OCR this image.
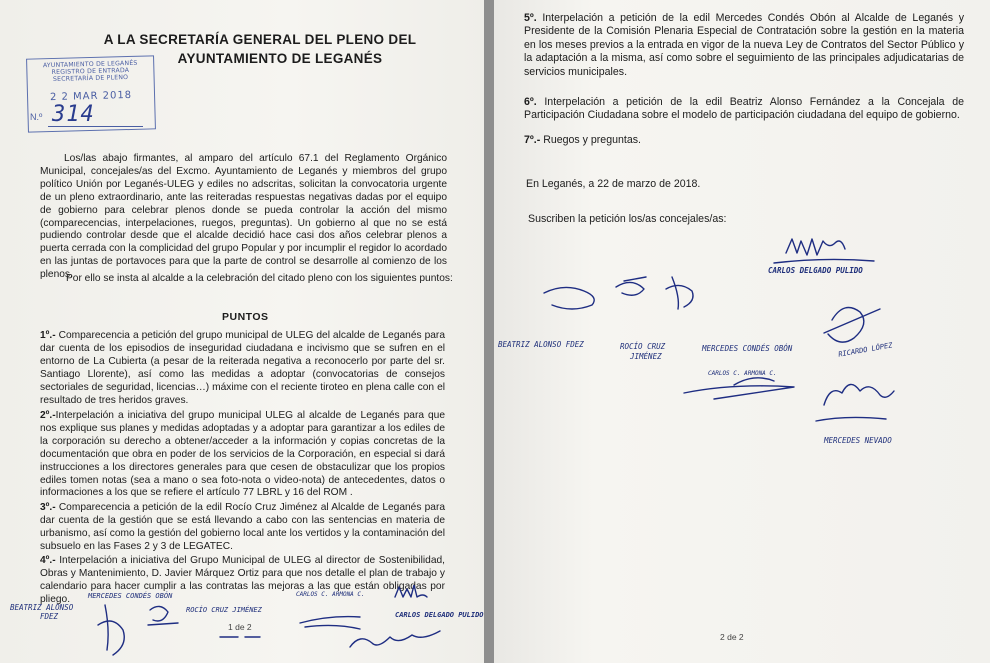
A LA SECRETARÍA GENERAL DEL PLENO DEL
AYUNTAMIENTO DE LEGANÉS
AYUNTAMIENTO DE LEGANÉS
REGISTRO DE ENTRADA
SECRETARÍA DE PLENO
2 2 MAR 2018
N.º 314

Los/las abajo firmantes, al amparo del artículo 67.1 del Reglamento Orgánico Municipal, concejales/as del Excmo. Ayuntamiento de Leganés y miembros del grupo político Unión por Leganés-ULEG y ediles no adscritas, solicitan la convocatoria urgente de un pleno extraordinario, ante las reiteradas respuestas negativas dadas por el equipo de gobierno para celebrar plenos donde se pueda controlar la acción del mismo (comparecencias, interpelaciones, ruegos, preguntas). Un gobierno al que no se está pudiendo controlar desde que el alcalde decidió hace casi dos años celebrar plenos a puerta cerrada con la complicidad del grupo Popular y por incumplir el regidor lo acordado en las juntas de portavoces para que la parte de control se desarrolle al comienzo de los plenos.

Por ello se insta al alcalde a la celebración del citado pleno con los siguientes puntos:
PUNTOS

1º.- Comparecencia a petición del grupo municipal de ULEG del alcalde de Leganés para dar cuenta de los episodios de inseguridad ciudadana e incivismo que se sufren en el entorno de La Cubierta (a pesar de la reiterada negativa a reconocerlo por parte del sr. Santiago Llorente), así como las medidas a adoptar (convocatorias de consejos sectoriales de seguridad, licencias…) máxime con el reciente tiroteo en plena calle con el resultado de tres heridos graves.

2º.-Interpelación a iniciativa del grupo municipal ULEG al alcalde de Leganés para que nos explique sus planes y medidas adoptadas y a adoptar para garantizar a los ediles de la corporación su derecho a obtener/acceder a la información y copias concretas de la documentación que obra en poder de los servicios de la Corporación, en especial si dará instrucciones a los directores generales para que cesen de obstaculizar que los propios ediles tomen notas (sea a mano o sea foto-nota o video-nota) de antecedentes, datos o informaciones a los que se refiere el artículo 77 LBRL y 16 del ROM .

3º.- Comparecencia a petición de la edil Rocío Cruz Jiménez al Alcalde de Leganés para dar cuenta de la gestión que se está llevando a cabo con las sentencias en materia de urbanismo, así como la gestión del gobierno local ante los vertidos y la contaminación del subsuelo en las Fases 2 y 3 de LEGATEC.

4º.- Interpelación a iniciativa del Grupo Municipal de ULEG al director de Sostenibilidad, Obras y Mantenimiento, D. Javier Márquez Ortiz para que nos detalle el plan de trabajo y calendario para hacer cumplir a las contratas las mejoras a las que están obligadas por pliego.

BEATRIZ ALONSO
FDEZ
MERCEDES CONDÉS OBÓN
ROCÍO CRUZ JIMÉNEZ
CARLOS C. ARMONA C.
CARLOS DELGADO PULIDO
1 de 2

5º. Interpelación a petición de la edil Mercedes Condés Obón al Alcalde de Leganés y Presidente de la Comisión Plenaria Especial de Contratación sobre la gestión en la materia en los meses previos a la entrada en vigor de la nueva Ley de Contratos del Sector Público y la adaptación a la misma, así como sobre el seguimiento de las principales adjudicatarias de servicios municipales.

6º. Interpelación a petición de la edil Beatriz Alonso Fernández a la Concejala de Participación Ciudadana sobre el modelo de participación ciudadana del equipo de gobierno.

7º.- Ruegos y preguntas.

En Leganés, a 22 de marzo de 2018.
Suscriben la petición los/as concejales/as:
CARLOS DELGADO PULIDO
BEATRIZ ALONSO FDEZ	ROCÍO CRUZ
JIMÉNEZ
MERCEDES CONDÉS OBÓN	RICARDO LÓPEZ
CARLOS C. ARMONA C.
MERCEDES NEVADO
2 de 2
